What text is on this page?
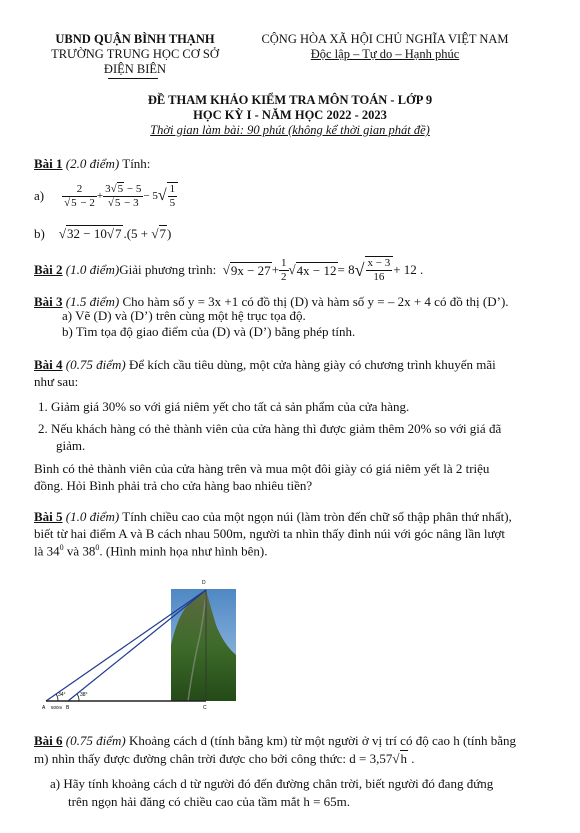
UBND QUẬN BÌNH THẠNH
TRƯỜNG TRUNG HỌC CƠ SỞ
ĐIỆN BIÊN
CỘNG HÒA XÃ HỘI CHỦ NGHĨA VIỆT NAM
Độc lập – Tự do – Hạnh phúc
ĐỀ THAM KHẢO KIỂM TRA MÔN TOÁN - LỚP 9
HỌC KỲ I - NĂM HỌC 2022 - 2023
Thời gian làm bài: 90 phút (không kể thời gian phát đề)
Bài 1 (2.0 điểm) Tính:
$a) \frac{2}{√5 - 2} + \frac{3√5 - 5}{√5 - 3} - 5$ √ $\frac{1}{5}$
b) √32 − 10√7 .(5 + √7)
Bài 2
(1.0 điểm) Giải phương trình: √ $9x - 27 + \frac{1}{2}$ √ 4x − 12 = 8 √ $\frac{x - 3}{16} + 12$ .
Bài 3 (1.5 điểm) Cho hàm số y = 3x +1 có đồ thị (D) và hàm số y = – 2x + 4 có đồ thị (D’).
a) Vẽ (D) và (D’) trên cùng một hệ trục tọa độ.
b) Tìm tọa độ giao điểm của (D) và (D’) bằng phép tính.
Bài 4 (0.75 điểm) Để kích cầu tiêu dùng, một cửa hàng giày có chương trình khuyến mãi
như sau:
1. Giảm giá 30% so với giá niêm yết cho tất cả sản phẩm của cửa hàng.
2. Nếu khách hàng có thẻ thành viên của cửa hàng thì được giảm thêm 20% so với giá đã
giảm.
Bình có thẻ thành viên của cửa hàng trên và mua một đôi giày có giá niêm yết là 2 triệu
đồng. Hỏi Bình phải trả cho cửa hàng bao nhiêu tiền?
Bài 5 (1.0 điểm) Tính chiều cao của một ngọn núi (làm tròn đến chữ số thập phân thứ nhất),
biết từ hai điểm A và B cách nhau 500m, người ta nhìn thấy đỉnh núi với góc nâng lần lượt
là $34^0$ và $38^0$. (Hình minh họa như hình bên).
D
A	B	C
34°	38°
500m
Bài 6 (0.75 điểm) Khoảng cách d (tính bằng km) từ một người ở vị trí có độ cao h (tính bằng
m) nhìn thấy được đường chân trời được cho bởi công thức: d = 3,57√h .
a) Hãy tính khoảng cách d từ người đó đến đường chân trời, biết người đó đang đứng
trên ngọn hải đăng có chiều cao của tầm mắt h = 65m.
